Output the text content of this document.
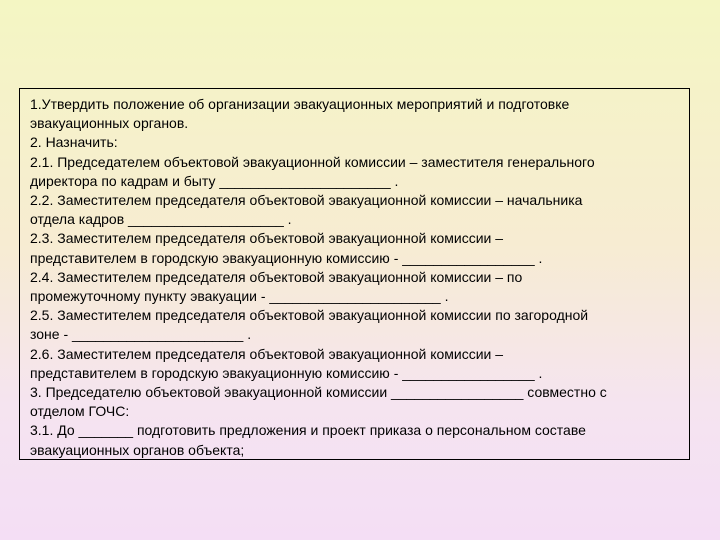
1.Утвердить положение об организации эвакуационных мероприятий и подготовке
эвакуационных органов.
2. Назначить:
2.1. Председателем объектовой эвакуационной комиссии – заместителя генерального
директора по кадрам и быту ______________________ .
2.2. Заместителем председателя объектовой эвакуационной комиссии – начальника
отдела кадров ____________________ .
2.3. Заместителем председателя объектовой эвакуационной комиссии –
представителем в городскую эвакуационную комиссию - _________________ .
2.4. Заместителем председателя объектовой эвакуационной комиссии – по
промежуточному пункту эвакуации - ______________________ .
2.5. Заместителем председателя объектовой эвакуационной комиссии по загородной
зоне - ______________________ .
2.6. Заместителем председателя объектовой эвакуационной комиссии –
представителем в городскую эвакуационную комиссию - _________________ .
3. Председателю объектовой эвакуационной комиссии _________________ совместно с
отделом ГОЧС:
3.1. До _______ подготовить предложения и проект приказа о персональном составе
эвакуационных органов объекта;
